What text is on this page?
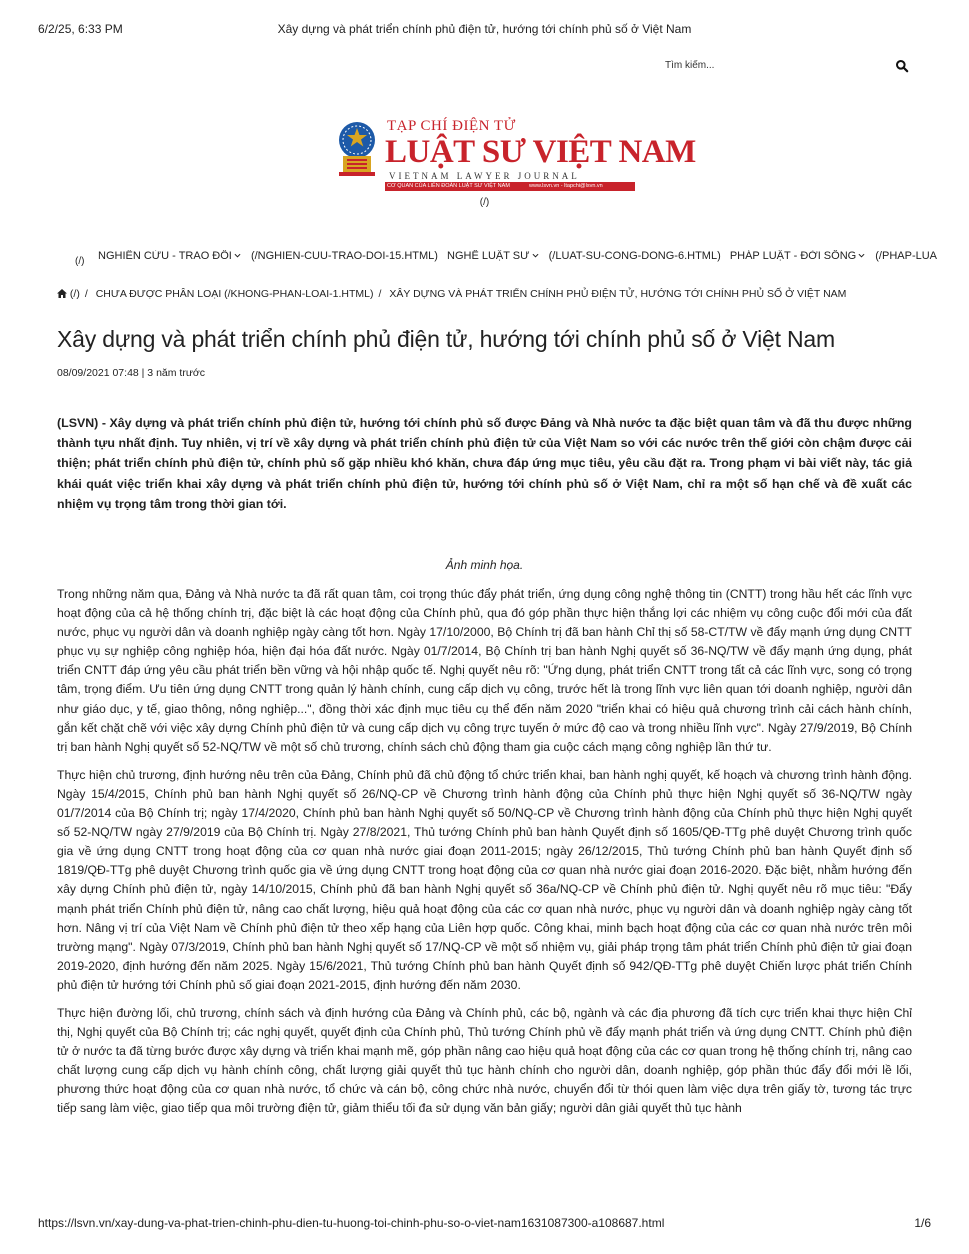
6/2/25, 6:33 PM	Xây dựng và phát triển chính phủ điện tử, hướng tới chính phủ số ở Việt Nam
Tìm kiếm...
TẠP CHÍ ĐIỆN TỬ
LUẬT SƯ VIỆT NAM
VIETNAM LAWYER JOURNAL
CƠ QUAN CỦA LIÊN ĐOÀN LUẬT SƯ VIỆT NAM	www.lsvn.vn - ltapchi@lsvn.vn
(/)
(/) NGHIÊN CỨU - TRAO ĐỔI (/NGHIEN-CUU-TRAO-DOI-15.HTML) NGHỀ LUẬT SƯ (/LUAT-SU-CONG-DONG-6.HTML) PHÁP LUẬT - ĐỜI SỐNG (/PHAP-LUA
(/) / CHƯA ĐƯỢC PHÂN LOẠI (/KHONG-PHAN-LOAI-1.HTML) / XÂY DỰNG VÀ PHÁT TRIỂN CHÍNH PHỦ ĐIỆN TỬ, HƯỚNG TỚI CHÍNH PHỦ SỐ Ở VIỆT NAM
Xây dựng và phát triển chính phủ điện tử, hướng tới chính phủ số ở Việt Nam
08/09/2021 07:48 | 3 năm trước
(LSVN) - Xây dựng và phát triển chính phủ điện tử, hướng tới chính phủ số được Đảng và Nhà nước ta đặc biệt quan tâm và đã thu được những thành tựu nhất định. Tuy nhiên, vị trí về xây dựng và phát triển chính phủ điện tử của Việt Nam so với các nước trên thế giới còn chậm được cải thiện; phát triển chính phủ điện tử, chính phủ số gặp nhiều khó khăn, chưa đáp ứng mục tiêu, yêu cầu đặt ra. Trong phạm vi bài viết này, tác giả khái quát việc triển khai xây dựng và phát triển chính phủ điện tử, hướng tới chính phủ số ở Việt Nam, chỉ ra một số hạn chế và đề xuất các nhiệm vụ trọng tâm trong thời gian tới.
Ảnh minh họa.

Trong những năm qua, Đảng và Nhà nước ta đã rất quan tâm, coi trọng thúc đẩy phát triển, ứng dụng công nghệ thông tin (CNTT) trong hầu hết các lĩnh vực hoạt động của cả hệ thống chính trị, đặc biệt là các hoạt động của Chính phủ, qua đó góp phần thực hiện thắng lợi các nhiệm vụ công cuộc đổi mới của đất nước, phục vụ người dân và doanh nghiệp ngày càng tốt hơn. Ngày 17/10/2000, Bộ Chính trị đã ban hành Chỉ thị số 58-CT/TW về đẩy mạnh ứng dụng CNTT phục vụ sự nghiệp công nghiệp hóa, hiện đại hóa đất nước. Ngày 01/7/2014, Bộ Chính trị ban hành Nghị quyết số 36-NQ/TW về đẩy mạnh ứng dụng, phát triển CNTT đáp ứng yêu cầu phát triển bền vững và hội nhập quốc tế. Nghị quyết nêu rõ: "Ứng dụng, phát triển CNTT trong tất cả các lĩnh vực, song có trọng tâm, trọng điểm. Ưu tiên ứng dụng CNTT trong quản lý hành chính, cung cấp dịch vụ công, trước hết là trong lĩnh vực liên quan tới doanh nghiệp, người dân như giáo dục, y tế, giao thông, nông nghiệp...", đồng thời xác định mục tiêu cụ thể đến năm 2020 "triển khai có hiệu quả chương trình cải cách hành chính, gắn kết chặt chẽ với việc xây dựng Chính phủ điện tử và cung cấp dịch vụ công trực tuyến ở mức độ cao và trong nhiều lĩnh vực". Ngày 27/9/2019, Bộ Chính trị ban hành Nghị quyết số 52-NQ/TW về một số chủ trương, chính sách chủ động tham gia cuộc cách mạng công nghiệp lần thứ tư.

Thực hiện chủ trương, định hướng nêu trên của Đảng, Chính phủ đã chủ động tổ chức triển khai, ban hành nghị quyết, kế hoạch và chương trình hành động. Ngày 15/4/2015, Chính phủ ban hành Nghị quyết số 26/NQ-CP về Chương trình hành động của Chính phủ thực hiện Nghị quyết số 36-NQ/TW ngày 01/7/2014 của Bộ Chính trị; ngày 17/4/2020, Chính phủ ban hành Nghị quyết số 50/NQ-CP về Chương trình hành động của Chính phủ thực hiện Nghị quyết số 52-NQ/TW ngày 27/9/2019 của Bộ Chính trị. Ngày 27/8/2021, Thủ tướng Chính phủ ban hành Quyết định số 1605/QĐ-TTg phê duyệt Chương trình quốc gia về ứng dụng CNTT trong hoạt động của cơ quan nhà nước giai đoạn 2011-2015; ngày 26/12/2015, Thủ tướng Chính phủ ban hành Quyết định số 1819/QĐ-TTg phê duyệt Chương trình quốc gia về ứng dụng CNTT trong hoạt động của cơ quan nhà nước giai đoạn 2016-2020. Đặc biệt, nhằm hướng đến xây dựng Chính phủ điện tử, ngày 14/10/2015, Chính phủ đã ban hành Nghị quyết số 36a/NQ-CP về Chính phủ điện tử. Nghị quyết nêu rõ mục tiêu: "Đẩy mạnh phát triển Chính phủ điện tử, nâng cao chất lượng, hiệu quả hoạt động của các cơ quan nhà nước, phục vụ người dân và doanh nghiệp ngày càng tốt hơn. Nâng vị trí của Việt Nam về Chính phủ điện tử theo xếp hạng của Liên hợp quốc. Công khai, minh bạch hoạt động của các cơ quan nhà nước trên môi trường mạng". Ngày 07/3/2019, Chính phủ ban hành Nghị quyết số 17/NQ-CP về một số nhiệm vụ, giải pháp trọng tâm phát triển Chính phủ điện tử giai đoạn 2019-2020, định hướng đến năm 2025. Ngày 15/6/2021, Thủ tướng Chính phủ ban hành Quyết định số 942/QĐ-TTg phê duyệt Chiến lược phát triển Chính phủ điện tử hướng tới Chính phủ số giai đoạn 2021-2015, định hướng đến năm 2030.

Thực hiện đường lối, chủ trương, chính sách và định hướng của Đảng và Chính phủ, các bộ, ngành và các địa phương đã tích cực triển khai thực hiện Chỉ thị, Nghị quyết của Bộ Chính trị; các nghị quyết, quyết định của Chính phủ, Thủ tướng Chính phủ về đẩy mạnh phát triển và ứng dụng CNTT. Chính phủ điện tử ở nước ta đã từng bước được xây dựng và triển khai mạnh mẽ, góp phần nâng cao hiệu quả hoạt động của các cơ quan trong hệ thống chính trị, nâng cao chất lượng cung cấp dịch vụ hành chính công, chất lượng giải quyết thủ tục hành chính cho người dân, doanh nghiệp, góp phần thúc đẩy đổi mới lề lối, phương thức hoạt động của cơ quan nhà nước, tổ chức và cán bộ, công chức nhà nước, chuyển đổi từ thói quen làm việc dựa trên giấy tờ, tương tác trực tiếp sang làm việc, giao tiếp qua môi trường điện tử, giảm thiểu tối đa sử dụng văn bản giấy; người dân giải quyết thủ tục hành

https://lsvn.vn/xay-dung-va-phat-trien-chinh-phu-dien-tu-huong-toi-chinh-phu-so-o-viet-nam1631087300-a108687.html	1/6
